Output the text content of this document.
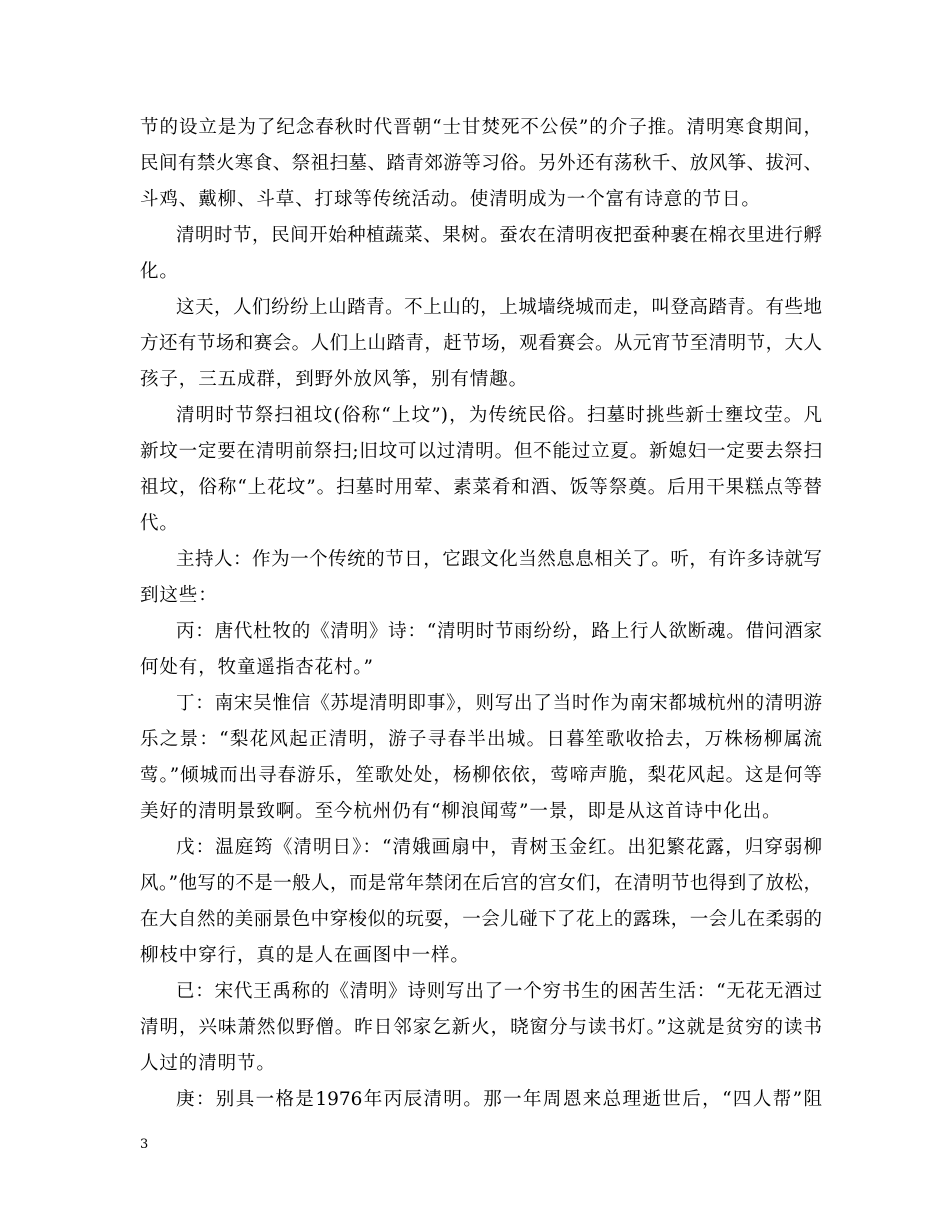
节的设立是为了纪念春秋时代晋朝“士甘焚死不公侯”的介子推。清明寒食期间，
民间有禁火寒食、祭祖扫墓、踏青郊游等习俗。另外还有荡秋千、放风筝、拔河、
斗鸡、戴柳、斗草、打球等传统活动。使清明成为一个富有诗意的节日。
清明时节，民间开始种植蔬菜、果树。蚕农在清明夜把蚕种裹在棉衣里进行孵
化。
这天，人们纷纷上山踏青。不上山的，上城墙绕城而走，叫登高踏青。有些地
方还有节场和赛会。人们上山踏青，赶节场，观看赛会。从元宵节至清明节，大人
孩子，三五成群，到野外放风筝，别有情趣。
清明时节祭扫祖坟(俗称“上坟”)，为传统民俗。扫墓时挑些新士壅坟茔。凡
新坟一定要在清明前祭扫;旧坟可以过清明。但不能过立夏。新媳妇一定要去祭扫
祖坟，俗称“上花坟”。扫墓时用荤、素菜肴和酒、饭等祭奠。后用干果糕点等替
代。
主持人：作为一个传统的节日，它跟文化当然息息相关了。听，有许多诗就写
到这些：
丙：唐代杜牧的《清明》诗：“清明时节雨纷纷，路上行人欲断魂。借问酒家
何处有，牧童遥指杏花村。”
丁：南宋吴惟信《苏堤清明即事》，则写出了当时作为南宋都城杭州的清明游
乐之景：“梨花风起正清明，游子寻春半出城。日暮笙歌收拾去，万株杨柳属流
莺。”倾城而出寻春游乐，笙歌处处，杨柳依依，莺啼声脆，梨花风起。这是何等
美好的清明景致啊。至今杭州仍有“柳浪闻莺”一景，即是从这首诗中化出。
戊：温庭筠《清明日》：“清娥画扇中，青树玉金红。出犯繁花露，归穿弱柳
风。”他写的不是一般人，而是常年禁闭在后宫的宫女们，在清明节也得到了放松，
在大自然的美丽景色中穿梭似的玩耍，一会儿碰下了花上的露珠，一会儿在柔弱的
柳枝中穿行，真的是人在画图中一样。
已：宋代王禹称的《清明》诗则写出了一个穷书生的困苦生活：“无花无酒过
清明，兴味萧然似野僧。昨日邻家乞新火，晓窗分与读书灯。”这就是贫穷的读书
人过的清明节。
庚：别具一格是1976年丙辰清明。那一年周恩来总理逝世后，“四人帮”阻
3
